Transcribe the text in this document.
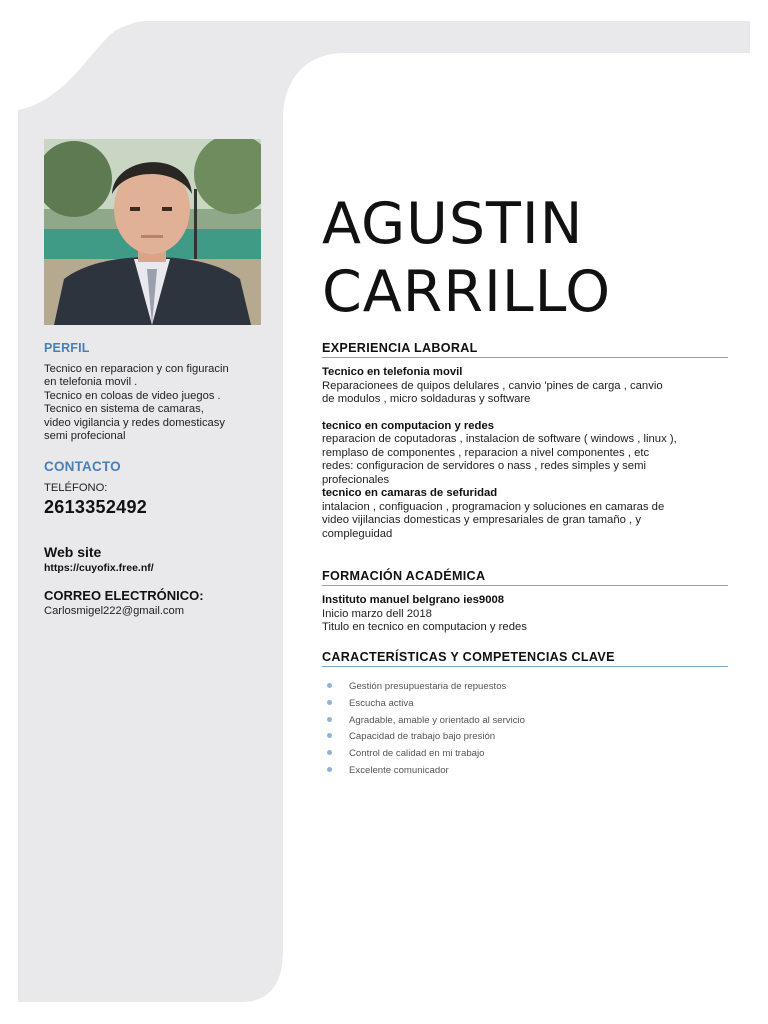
PERFIL
Tecnico en reparacion y con figuracin
en telefonia movil .
Tecnico en coloas de video juegos .
Tecnico en sistema de camaras,
video vigilancia y redes domesticasy
semi profecional
CONTACTO
TELÉFONO:
2613352492
Web site
https://cuyofix.free.nf/
CORREO ELECTRÓNICO:
Carlosmigel222@gmail.com
AGUSTIN
CARRILLO
EXPERIENCIA LABORAL
Tecnico en telefonia movil
Reparacionees de quipos delulares , canvio 'pines de carga , canvio
de modulos , micro soldaduras y software
tecnico en computacion y redes
reparacion de coputadoras , instalacion de software ( windows , linux ),
remplaso de componentes , reparacion a nivel componentes , etc
redes: configuracion de servidores o nass , redes simples y semi
profecionales
tecnico en camaras de sefuridad
intalacion , configuacion , programacion y soluciones en camaras de
video vijilancias domesticas y empresariales de gran tamaño , y
compleguidad
FORMACIÓN ACADÉMICA
Instituto manuel belgrano ies9008
Inicio marzo dell 2018
Titulo en tecnico en computacion y redes
CARACTERÍSTICAS Y COMPETENCIAS CLAVE
Gestión presupuestaria de repuestos
Escucha activa
Agradable, amable y orientado al servicio
Capacidad de trabajo bajo presión
Control de calidad en mi trabajo
Excelente comunicador
